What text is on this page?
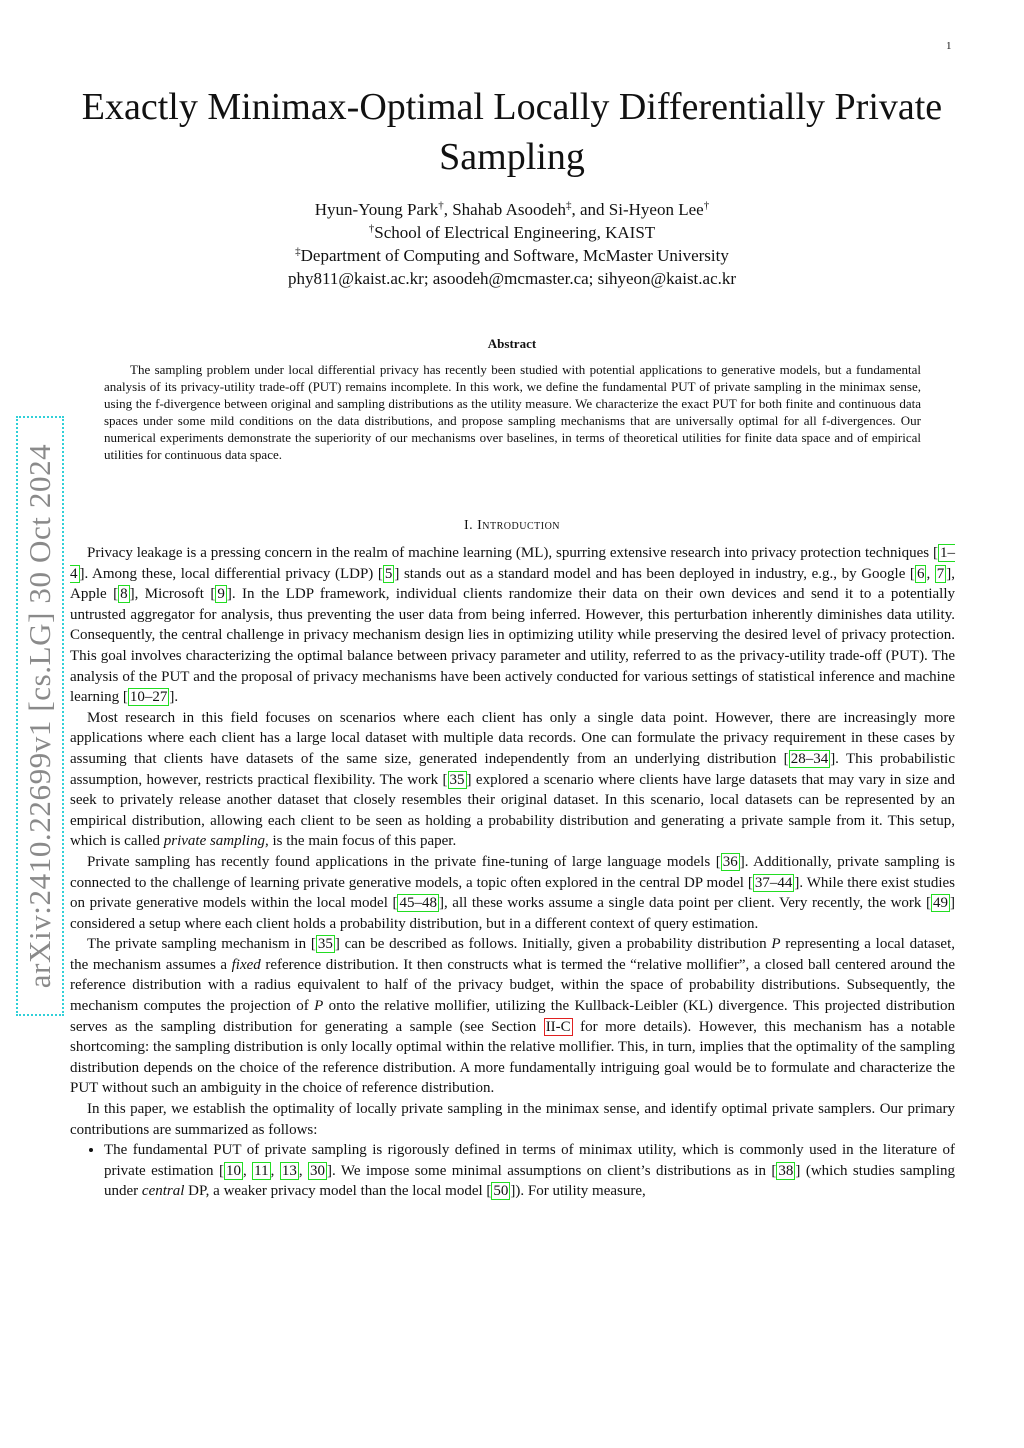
1
arXiv:2410.22699v1 [cs.LG] 30 Oct 2024
Exactly Minimax-Optimal Locally Differentially Private Sampling
Hyun-Young Park†, Shahab Asoodeh‡, and Si-Hyeon Lee†
†School of Electrical Engineering, KAIST
‡Department of Computing and Software, McMaster University
phy811@kaist.ac.kr; asoodeh@mcmaster.ca; sihyeon@kaist.ac.kr
Abstract

The sampling problem under local differential privacy has recently been studied with potential applications to generative models, but a fundamental analysis of its privacy-utility trade-off (PUT) remains incomplete. In this work, we define the fundamental PUT of private sampling in the minimax sense, using the f-divergence between original and sampling distributions as the utility measure. We characterize the exact PUT for both finite and continuous data spaces under some mild conditions on the data distributions, and propose sampling mechanisms that are universally optimal for all f-divergences. Our numerical experiments demonstrate the superiority of our mechanisms over baselines, in terms of theoretical utilities for finite data space and of empirical utilities for continuous data space.

I. Introduction

Privacy leakage is a pressing concern in the realm of machine learning (ML), spurring extensive research into privacy protection techniques [ 1–4 ]. Among these, local differential privacy (LDP) [ 5 ] stands out as a standard model and has been deployed in industry, e.g., by Google [ 6 , 7 ], Apple [ 8 ], Microsoft [ 9 ]. In the LDP framework, individual clients randomize their data on their own devices and send it to a potentially untrusted aggregator for analysis, thus preventing the user data from being inferred. However, this perturbation inherently diminishes data utility. Consequently, the central challenge in privacy mechanism design lies in optimizing utility while preserving the desired level of privacy protection. This goal involves characterizing the optimal balance between privacy parameter and utility, referred to as the privacy-utility trade-off (PUT). The analysis of the PUT and the proposal of privacy mechanisms have been actively conducted for various settings of statistical inference and machine learning [ 10–27 ].

Most research in this field focuses on scenarios where each client has only a single data point. However, there are increasingly more applications where each client has a large local dataset with multiple data records. One can formulate the privacy requirement in these cases by assuming that clients have datasets of the same size, generated independently from an underlying distribution [ 28–34 ]. This probabilistic assumption, however, restricts practical flexibility. The work [ 35 ] explored a scenario where clients have large datasets that may vary in size and seek to privately release another dataset that closely resembles their original dataset. In this scenario, local datasets can be represented by an empirical distribution, allowing each client to be seen as holding a probability distribution and generating a private sample from it. This setup, which is called private sampling, is the main focus of this paper.

Private sampling has recently found applications in the private fine-tuning of large language models [ 36 ]. Additionally, private sampling is connected to the challenge of learning private generative models, a topic often explored in the central DP model [ 37–44 ]. While there exist studies on private generative models within the local model [ 45–48 ], all these works assume a single data point per client. Very recently, the work [ 49 ] considered a setup where each client holds a probability distribution, but in a different context of query estimation.

The private sampling mechanism in [ 35 ] can be described as follows. Initially, given a probability distribution P representing a local dataset, the mechanism assumes a fixed reference distribution. It then constructs what is termed the “relative mollifier”, a closed ball centered around the reference distribution with a radius equivalent to half of the privacy budget, within the space of probability distributions. Subsequently, the mechanism computes the projection of P onto the relative mollifier, utilizing the Kullback-Leibler (KL) divergence. This projected distribution serves as the sampling distribution for generating a sample (see Section II-C for more details). However, this mechanism has a notable shortcoming: the sampling distribution is only locally optimal within the relative mollifier. This, in turn, implies that the optimality of the sampling distribution depends on the choice of the reference distribution. A more fundamentally intriguing goal would be to formulate and characterize the PUT without such an ambiguity in the choice of reference distribution.

In this paper, we establish the optimality of locally private sampling in the minimax sense, and identify optimal private samplers. Our primary contributions are summarized as follows:

• The fundamental PUT of private sampling is rigorously defined in terms of minimax utility, which is commonly used in the literature of private estimation [ 10 , 11 , 13 , 30 ]. We impose some minimal assumptions on client’s distributions as in [ 38 ] (which studies sampling under central DP, a weaker privacy model than the local model [ 50 ]). For utility measure,
